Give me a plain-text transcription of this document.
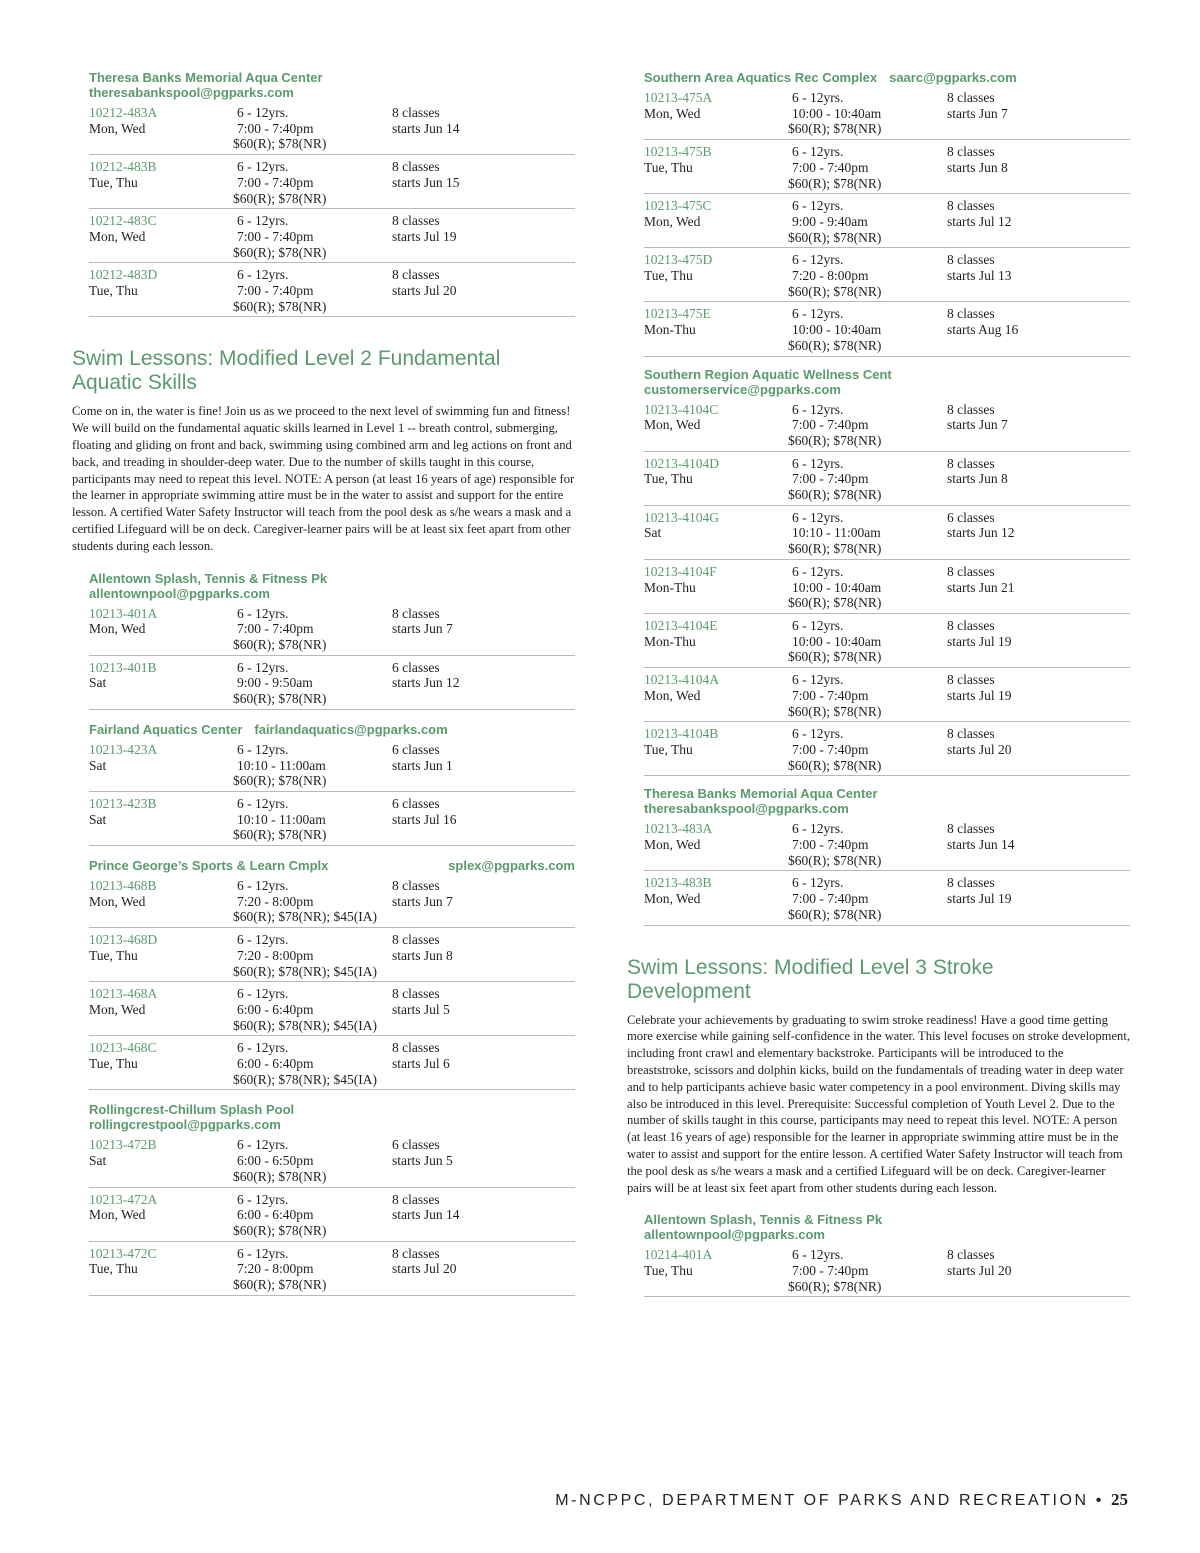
Theresa Banks Memorial Aqua Center
theresabankspool@pgparks.com
10212-483A
Mon, Wed
6 - 12yrs.
7:00 - 7:40pm
$60(R); $78(NR)
8 classes
starts Jun 14
10212-483B
Tue, Thu
6 - 12yrs.
7:00 - 7:40pm
$60(R); $78(NR)
8 classes
starts Jun 15
10212-483C
Mon, Wed
6 - 12yrs.
7:00 - 7:40pm
$60(R); $78(NR)
8 classes
starts Jul 19
10212-483D
Tue, Thu
6 - 12yrs.
7:00 - 7:40pm
$60(R); $78(NR)
8 classes
starts Jul 20
Swim Lessons: Modified Level 2 Fundamental
Aquatic Skills

Come on in, the water is fine! Join us as we proceed to the next level of swimming fun and fitness! We will build on the fundamental aquatic skills learned in Level 1 -- breath control, submerging, floating and gliding on front and back, swimming using combined arm and leg actions on front and back, and treading in shoulder-deep water. Due to the number of skills taught in this course, participants may need to repeat this level. NOTE: A person (at least 16 years of age) responsible for the learner in appropriate swimming attire must be in the water to assist and support for the entire lesson. A certified Water Safety Instructor will teach from the pool desk as s/he wears a mask and a certified Lifeguard will be on deck. Caregiver-learner pairs will be at least six feet apart from other students during each lesson.

Allentown Splash, Tennis & Fitness Pk
allentownpool@pgparks.com
10213-401A
Mon, Wed
6 - 12yrs.
7:00 - 7:40pm
$60(R); $78(NR)
8 classes
starts Jun 7
10213-401B
Sat
6 - 12yrs.
9:00 - 9:50am
$60(R); $78(NR)
6 classes
starts Jun 12
Fairland Aquatics Center fairlandaquatics@pgparks.com
10213-423A
Sat
6 - 12yrs.
10:10 - 11:00am
$60(R); $78(NR)
6 classes
starts Jun 1
10213-423B
Sat
6 - 12yrs.
10:10 - 11:00am
$60(R); $78(NR)
6 classes
starts Jul 16
Prince George’s Sports & Learn Cmplx	splex@pgparks.com
10213-468B
Mon, Wed
6 - 12yrs.
7:20 - 8:00pm
$60(R); $78(NR); $45(IA)
8 classes
starts Jun 7
10213-468D
Tue, Thu
6 - 12yrs.
7:20 - 8:00pm
$60(R); $78(NR); $45(IA)
8 classes
starts Jun 8
10213-468A
Mon, Wed
6 - 12yrs.
6:00 - 6:40pm
$60(R); $78(NR); $45(IA)
8 classes
starts Jul 5
10213-468C
Tue, Thu
6 - 12yrs.
6:00 - 6:40pm
$60(R); $78(NR); $45(IA)
8 classes
starts Jul 6
Rollingcrest-Chillum Splash Pool
rollingcrestpool@pgparks.com
10213-472B
Sat
6 - 12yrs.
6:00 - 6:50pm
$60(R); $78(NR)
6 classes
starts Jun 5
10213-472A
Mon, Wed
6 - 12yrs.
6:00 - 6:40pm
$60(R); $78(NR)
8 classes
starts Jun 14
10213-472C
Tue, Thu
6 - 12yrs.
7:20 - 8:00pm
$60(R); $78(NR)
8 classes
starts Jul 20
Southern Area Aquatics Rec Complex saarc@pgparks.com
10213-475A
Mon, Wed
6 - 12yrs.
10:00 - 10:40am
$60(R); $78(NR)
8 classes
starts Jun 7
10213-475B
Tue, Thu
6 - 12yrs.
7:00 - 7:40pm
$60(R); $78(NR)
8 classes
starts Jun 8
10213-475C
Mon, Wed
6 - 12yrs.
9:00 - 9:40am
$60(R); $78(NR)
8 classes
starts Jul 12
10213-475D
Tue, Thu
6 - 12yrs.
7:20 - 8:00pm
$60(R); $78(NR)
8 classes
starts Jul 13
10213-475E
Mon-Thu
6 - 12yrs.
10:00 - 10:40am
$60(R); $78(NR)
8 classes
starts Aug 16
Southern Region Aquatic Wellness Cent
customerservice@pgparks.com
10213-4104C
Mon, Wed
6 - 12yrs.
7:00 - 7:40pm
$60(R); $78(NR)
8 classes
starts Jun 7
10213-4104D
Tue, Thu
6 - 12yrs.
7:00 - 7:40pm
$60(R); $78(NR)
8 classes
starts Jun 8
10213-4104G
Sat
6 - 12yrs.
10:10 - 11:00am
$60(R); $78(NR)
6 classes
starts Jun 12
10213-4104F
Mon-Thu
6 - 12yrs.
10:00 - 10:40am
$60(R); $78(NR)
8 classes
starts Jun 21
10213-4104E
Mon-Thu
6 - 12yrs.
10:00 - 10:40am
$60(R); $78(NR)
8 classes
starts Jul 19
10213-4104A
Mon, Wed
6 - 12yrs.
7:00 - 7:40pm
$60(R); $78(NR)
8 classes
starts Jul 19
10213-4104B
Tue, Thu
6 - 12yrs.
7:00 - 7:40pm
$60(R); $78(NR)
8 classes
starts Jul 20
Theresa Banks Memorial Aqua Center
theresabankspool@pgparks.com
10213-483A
Mon, Wed
6 - 12yrs.
7:00 - 7:40pm
$60(R); $78(NR)
8 classes
starts Jun 14
10213-483B
Mon, Wed
6 - 12yrs.
7:00 - 7:40pm
$60(R); $78(NR)
8 classes
starts Jul 19
Swim Lessons: Modified Level 3 Stroke
Development

Celebrate your achievements by graduating to swim stroke readiness! Have a good time getting more exercise while gaining self-confidence in the water. This level focuses on stroke development, including front crawl and elementary backstroke. Participants will be introduced to the breaststroke, scissors and dolphin kicks, build on the fundamentals of treading water in deep water and to help participants achieve basic water competency in a pool environment. Diving skills may also be introduced in this level. Prerequisite: Successful completion of Youth Level 2. Due to the number of skills taught in this course, participants may need to repeat this level. NOTE: A person (at least 16 years of age) responsible for the learner in appropriate swimming attire must be in the water to assist and support for the entire lesson. A certified Water Safety Instructor will teach from the pool desk as s/he wears a mask and a certified Lifeguard will be on deck. Caregiver-learner pairs will be at least six feet apart from other students during each lesson.

Allentown Splash, Tennis & Fitness Pk
allentownpool@pgparks.com
10214-401A
Tue, Thu
6 - 12yrs.
7:00 - 7:40pm
$60(R); $78(NR)
8 classes
starts Jul 20
M-NCPPC, DEPARTMENT OF PARKS AND RECREATION • 25
